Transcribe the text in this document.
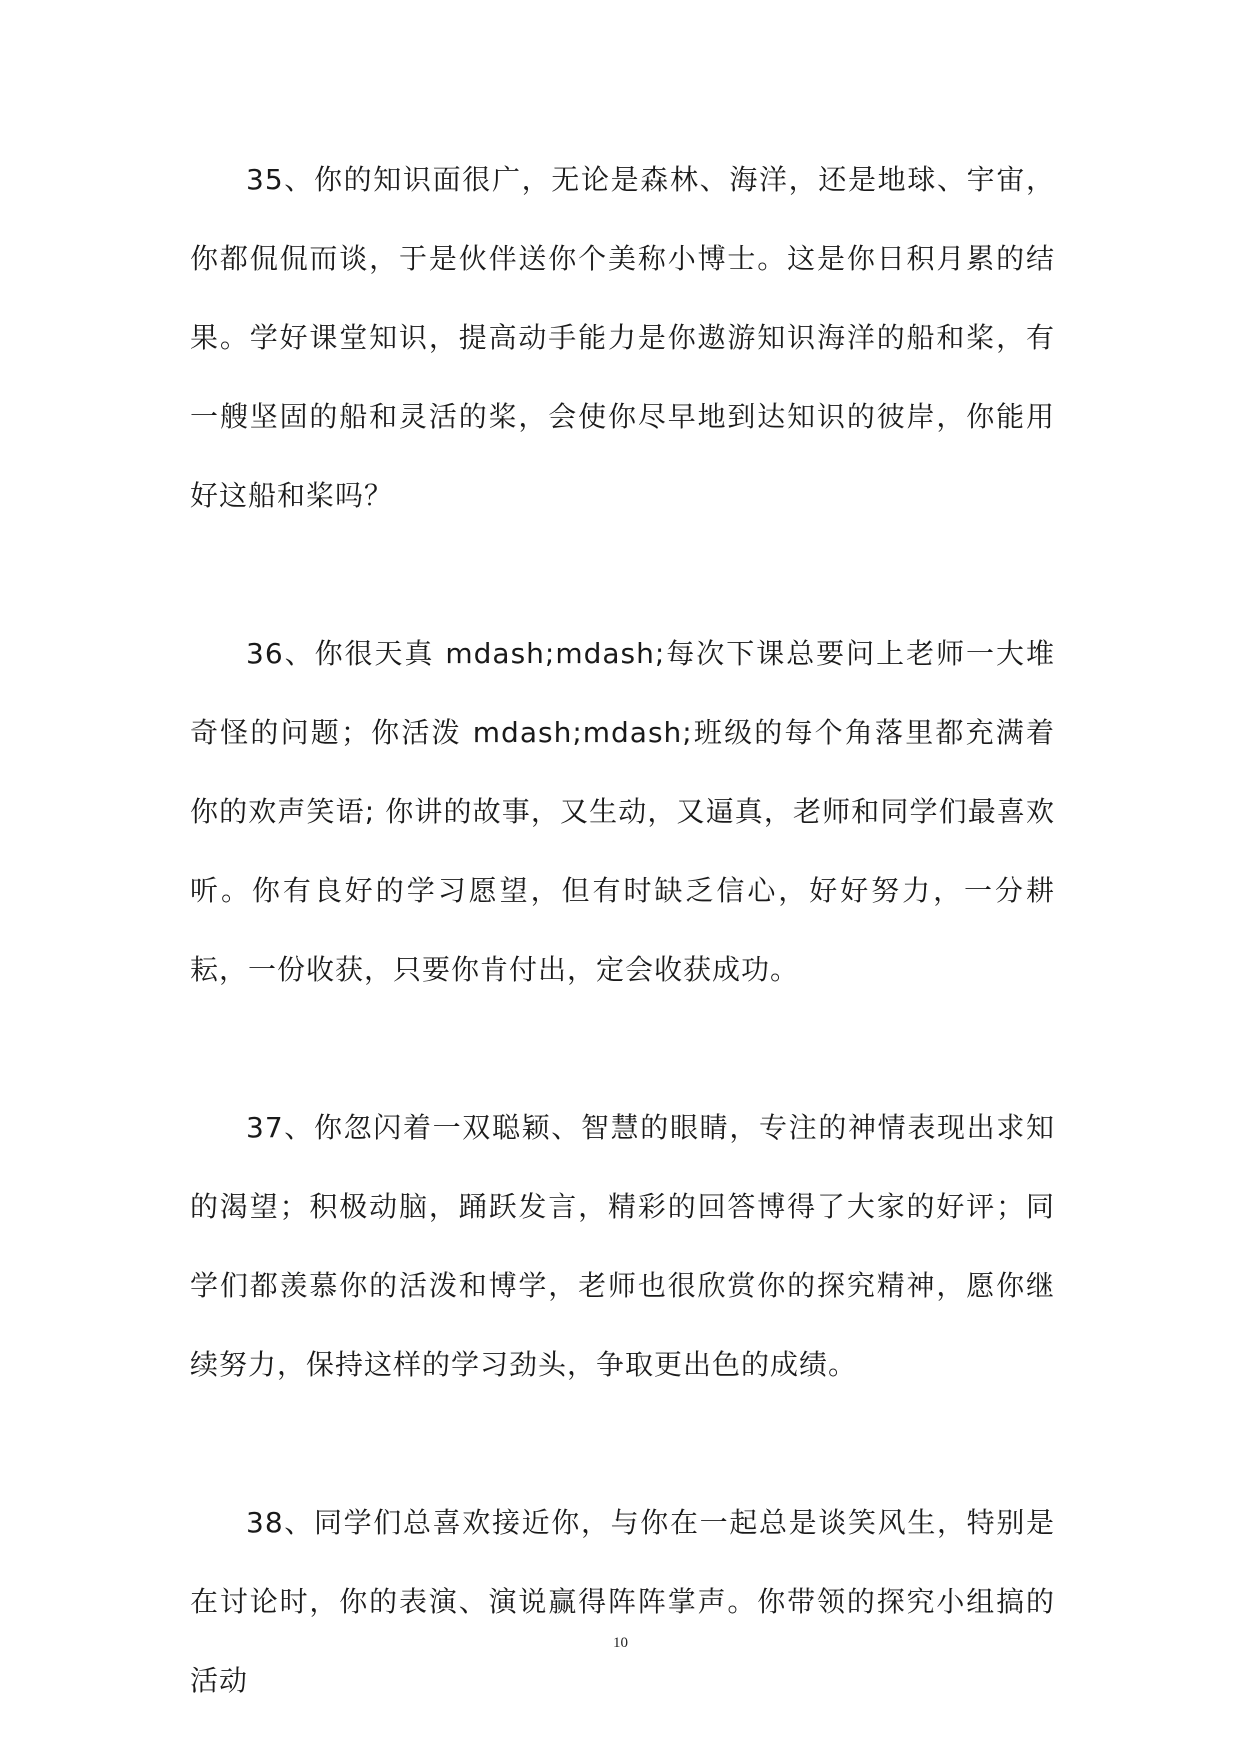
35、你的知识面很广，无论是森林、海洋，还是地球、宇宙，你都侃侃而谈，于是伙伴送你个美称小博士。这是你日积月累的结果。学好课堂知识，提高动手能力是你遨游知识海洋的船和桨，有一艘坚固的船和灵活的桨，会使你尽早地到达知识的彼岸，你能用好这船和桨吗？

36、你很天真 mdash;mdash;每次下课总要问上老师一大堆奇怪的问题；你活泼 mdash;mdash;班级的每个角落里都充满着你的欢声笑语; 你讲的故事，又生动，又逼真，老师和同学们最喜欢听。你有良好的学习愿望，但有时缺乏信心，好好努力，一分耕耘，一份收获，只要你肯付出，定会收获成功。

37、你忽闪着一双聪颖、智慧的眼睛，专注的神情表现出求知的渴望；积极动脑，踊跃发言，精彩的回答博得了大家的好评；同学们都羡慕你的活泼和博学，老师也很欣赏你的探究精神，愿你继续努力，保持这样的学习劲头，争取更出色的成绩。

38、同学们总喜欢接近你，与你在一起总是谈笑风生，特别是在讨论时，你的表演、演说赢得阵阵掌声。你带领的探究小组搞的活动

10
